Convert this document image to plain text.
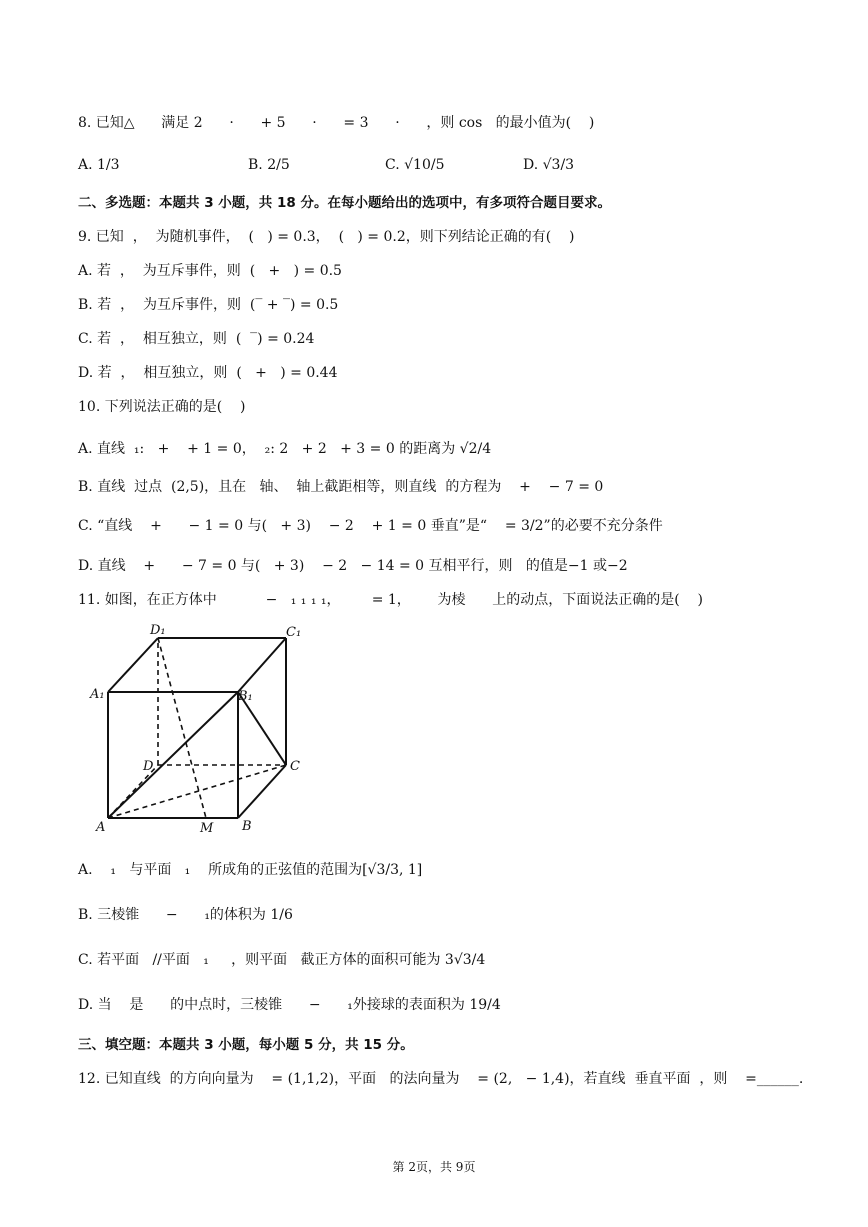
8. 已知△      满足 2      ·      + 5      ·      = 3      ·      ，则 cos   的最小值为(    )
A. 1/3	B. 2/5	C. √10/5	D. √3/3
二、多选题：本题共 3 小题，共 18 分。在每小题给出的选项中，有多项符合题目要求。
9. 已知  ，  为随机事件，  (   ) = 0.3，  (   ) = 0.2，则下列结论正确的有(    )
A. 若  ，  为互斥事件，则  (   +   ) = 0.5
B. 若  ，  为互斥事件，则  (‾ + ‾) = 0.5
C. 若  ，  相互独立，则  (  ‾) = 0.24
D. 若  ，  相互独立，则  (   +   ) = 0.44
10. 下列说法正确的是(    )
A. 直线  ₁:   +    + 1 = 0，  ₂: 2   + 2   + 3 = 0 的距离为 √2/4
B. 直线  过点  (2,5)，且在   轴、  轴上截距相等，则直线  的方程为    +    − 7 = 0
C. “直线    +      − 1 = 0 与(   + 3)    − 2    + 1 = 0 垂直”是“    = 3/2”的必要不充分条件
D. 直线    +      − 7 = 0 与(   + 3)    − 2   − 14 = 0 互相平行，则   的值是−1 或−2
11. 如图，在正方体中           −   ₁ ₁ ₁ ₁，       = 1，      为棱      上的动点，下面说法正确的是(    )
D₁	C₁
A₁	B₁
D	C
A	M B
A.    ₁   与平面   ₁    所成角的正弦值的范围为[√3/3, 1]
B. 三棱锥      −      ₁的体积为 1/6
C. 若平面   //平面   ₁     ，则平面   截正方体的面积可能为 3√3/4
D. 当    是      的中点时，三棱锥      −      ₁外接球的表面积为 19/4
三、填空题：本题共 3 小题，每小题 5 分，共 15 分。
12. 已知直线  的方向向量为    = (1,1,2)，平面   的法向量为    = (2,   − 1,4)，若直线  垂直平面  ，则    =______.
第 2页，共 9页
